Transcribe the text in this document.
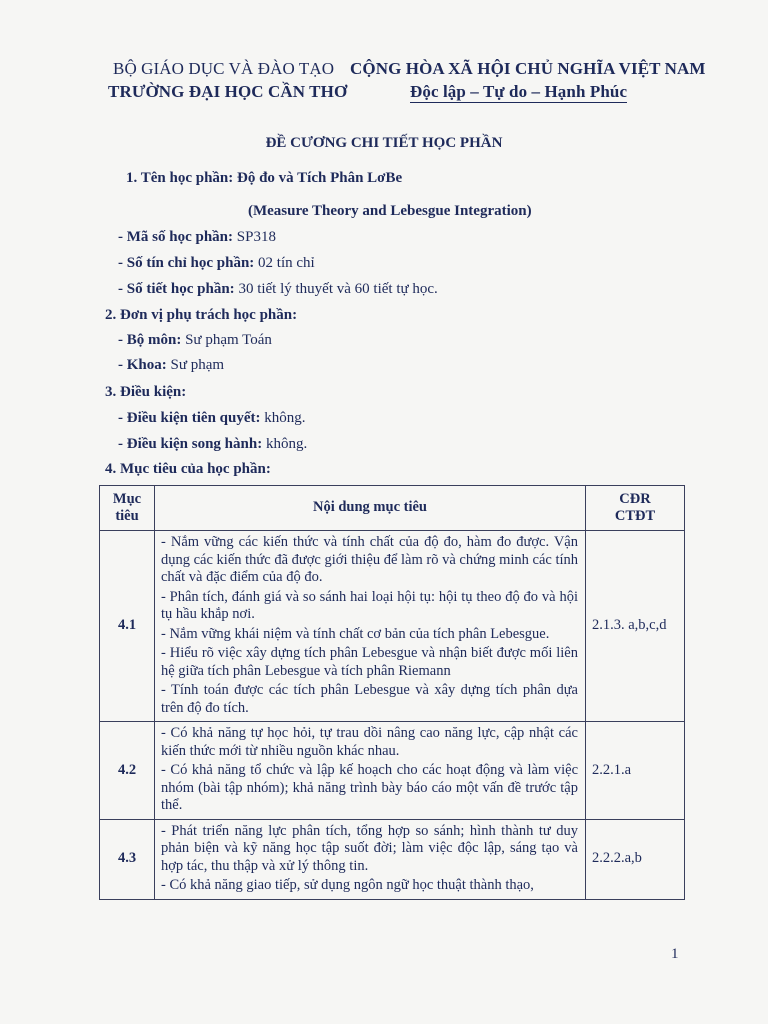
BỘ GIÁO DỤC VÀ ĐÀO TẠO
TRƯỜNG ĐẠI HỌC CẦN THƠ
CỘNG HÒA XÃ HỘI CHỦ NGHĨA VIỆT NAM
Độc lập – Tự do – Hạnh Phúc
ĐỀ CƯƠNG CHI TIẾT HỌC PHẦN
1. Tên học phần: Độ đo và Tích Phân LơBe
(Measure Theory and Lebesgue Integration)
- Mã số học phần: SP318
- Số tín chỉ học phần: 02 tín chỉ
- Số tiết học phần: 30 tiết lý thuyết và 60 tiết tự học.
2. Đơn vị phụ trách học phần:
- Bộ môn: Sư phạm Toán
- Khoa: Sư phạm
3. Điều kiện:
- Điều kiện tiên quyết: không.
- Điều kiện song hành: không.
4. Mục tiêu của học phần:
Mục
tiêu	Nội dung mục tiêu	CĐR
CTĐT
4.1	- Nắm vững các kiến thức và tính chất của độ đo, hàm đo được. Vận dụng các kiến thức đã được giới thiệu để làm rõ và chứng minh các tính chất và đặc điểm của độ đo.

- Phân tích, đánh giá và so sánh hai loại hội tụ: hội tụ theo độ đo và hội tụ hầu khắp nơi.

- Nắm vững khái niệm và tính chất cơ bản của tích phân Lebesgue.

- Hiểu rõ việc xây dựng tích phân Lebesgue và nhận biết được mối liên hệ giữa tích phân Lebesgue và tích phân Riemann

- Tính toán được các tích phân Lebesgue và xây dựng tích phân dựa trên độ đo tích.	2.1.3. a,b,c,d
4.2	- Có khả năng tự học hỏi, tự trau dồi nâng cao năng lực, cập nhật các kiến thức mới từ nhiều nguồn khác nhau.

- Có khả năng tổ chức và lập kế hoạch cho các hoạt động và làm việc nhóm (bài tập nhóm); khả năng trình bày báo cáo một vấn đề trước tập thể.	2.2.1.a
4.3	- Phát triển năng lực phân tích, tổng hợp so sánh; hình thành tư duy phản biện và kỹ năng học tập suốt đời; làm việc độc lập, sáng tạo và hợp tác, thu thập và xử lý thông tin.

- Có khả năng giao tiếp, sử dụng ngôn ngữ học thuật thành thạo,	2.2.2.a,b
1
